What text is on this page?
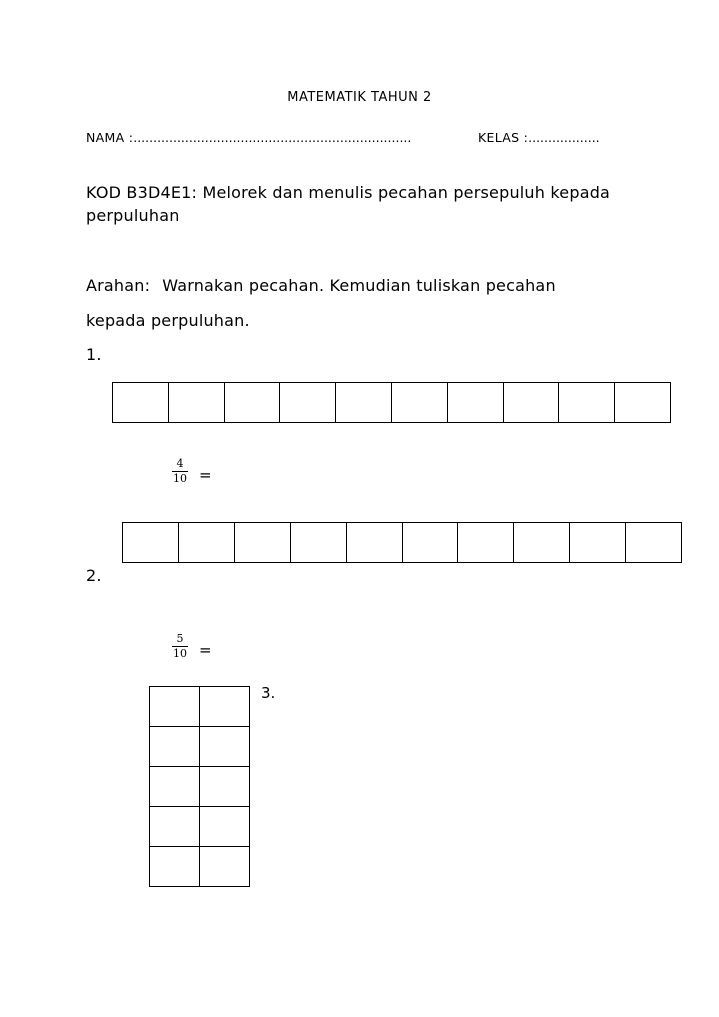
MATEMATIK TAHUN 2
NAMA :......................................................................	KELAS :..................
KOD B3D4E1: Melorek dan menulis pecahan persepuluh kepada
perpuluhan
Arahan: Warnakan pecahan. Kemudian tuliskan pecahan
kepada perpuluhan.
1.
4
10 =
2.
5
10 =
3.
